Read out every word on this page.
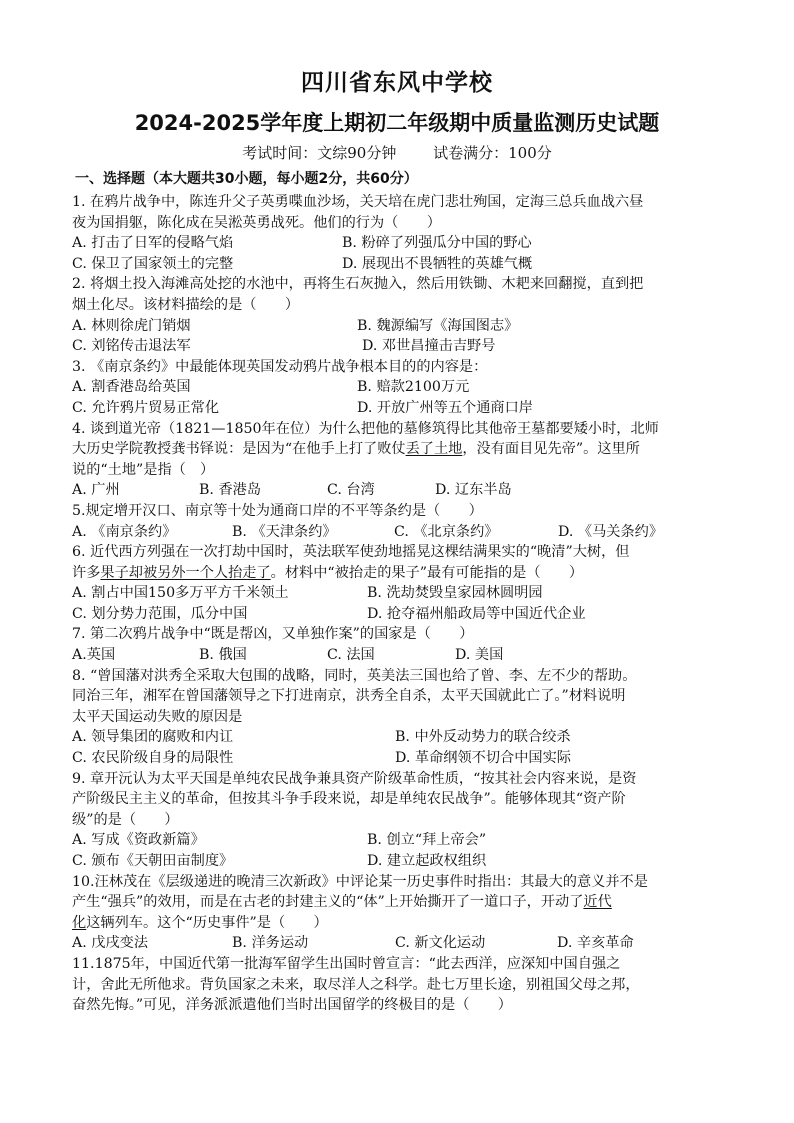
四川省东风中学校
2024-2025学年度上期初二年级期中质量监测历史试题
考试时间：文综90分钟 试卷满分：100分
一、选择题（本大题共30小题，每小题2分，共60分）
1. 在鸦片战争中，陈连升父子英勇喋血沙场，关天培在虎门悲壮殉国，定海三总兵血战六昼
夜为国捐躯，陈化成在吴淞英勇战死。他们的行为（　　）
A. 打击了日军的侵略气焰	B. 粉碎了列强瓜分中国的野心
C. 保卫了国家领土的完整	D. 展现出不畏牺牲的英雄气概
2. 将烟土投入海滩高处挖的水池中，再将生石灰抛入，然后用铁锄、木耙来回翻搅，直到把
烟土化尽。该材料描绘的是（　　）
A. 林则徐虎门销烟	B. 魏源编写《海国图志》
C. 刘铭传击退法军	D. 邓世昌撞击吉野号
3. 《南京条约》中最能体现英国发动鸦片战争根本目的的内容是：
A. 割香港岛给英国	B. 赔款2100万元
C. 允许鸦片贸易正常化	D. 开放广州等五个通商口岸
4. 谈到道光帝（1821—1850年在位）为什么把他的墓修筑得比其他帝王墓都要矮小时，北师
大历史学院教授龚书铎说：是因为“在他手上打了败仗丢了土地，没有面目见先帝”。这里所
说的“土地”是指（　）
A. 广州	B. 香港岛	C. 台湾	D. 辽东半岛
5.规定增开汉口、南京等十处为通商口岸的不平等条约是（　　）
A. 《南京条约》	B. 《天津条约》	C. 《北京条约》	D. 《马关条约》
6. 近代西方列强在一次打劫中国时，英法联军使劲地摇晃这棵结满果实的“晚清”大树，但
许多果子却被另外一个人抬走了。材料中“被抬走的果子”最有可能指的是（　　）
A. 割占中国150多万平方千米领土	B. 洗劫焚毁皇家园林圆明园
C. 划分势力范围，瓜分中国	D. 抢夺福州船政局等中国近代企业
7. 第二次鸦片战争中“既是帮凶，又单独作案”的国家是（　　）
A.英国	B. 俄国	C. 法国	D. 美国
8. “曾国藩对洪秀全采取大包围的战略，同时，英美法三国也给了曾、李、左不少的帮助。
同治三年，湘军在曾国藩领导之下打进南京，洪秀全自杀，太平天国就此亡了。”材料说明
太平天国运动失败的原因是
A. 领导集团的腐败和内讧	B. 中外反动势力的联合绞杀
C. 农民阶级自身的局限性	D. 革命纲领不切合中国实际
9. 章开沅认为太平天国是单纯农民战争兼具资产阶级革命性质，“按其社会内容来说，是资
产阶级民主主义的革命，但按其斗争手段来说，却是单纯农民战争”。能够体现其“资产阶
级”的是（　　）
A. 写成《资政新篇》	B. 创立“拜上帝会”
C. 颁布《天朝田亩制度》	D. 建立起政权组织
10.汪林茂在《层级递进的晚清三次新政》中评论某一历史事件时指出：其最大的意义并不是
产生“强兵”的效用，而是在古老的封建主义的“体”上开始撕开了一道口子，开动了近代
化这辆列车。这个“历史事件”是（　　）
A. 戊戌变法	B. 洋务运动	C. 新文化运动	D. 辛亥革命
11.1875年，中国近代第一批海军留学生出国时曾宣言：“此去西洋，应深知中国自强之
计，舍此无所他求。背负国家之未来，取尽洋人之科学。赴七万里长途，别祖国父母之邦，
奋然先悔。”可见，洋务派派遣他们当时出国留学的终极目的是（　　）
